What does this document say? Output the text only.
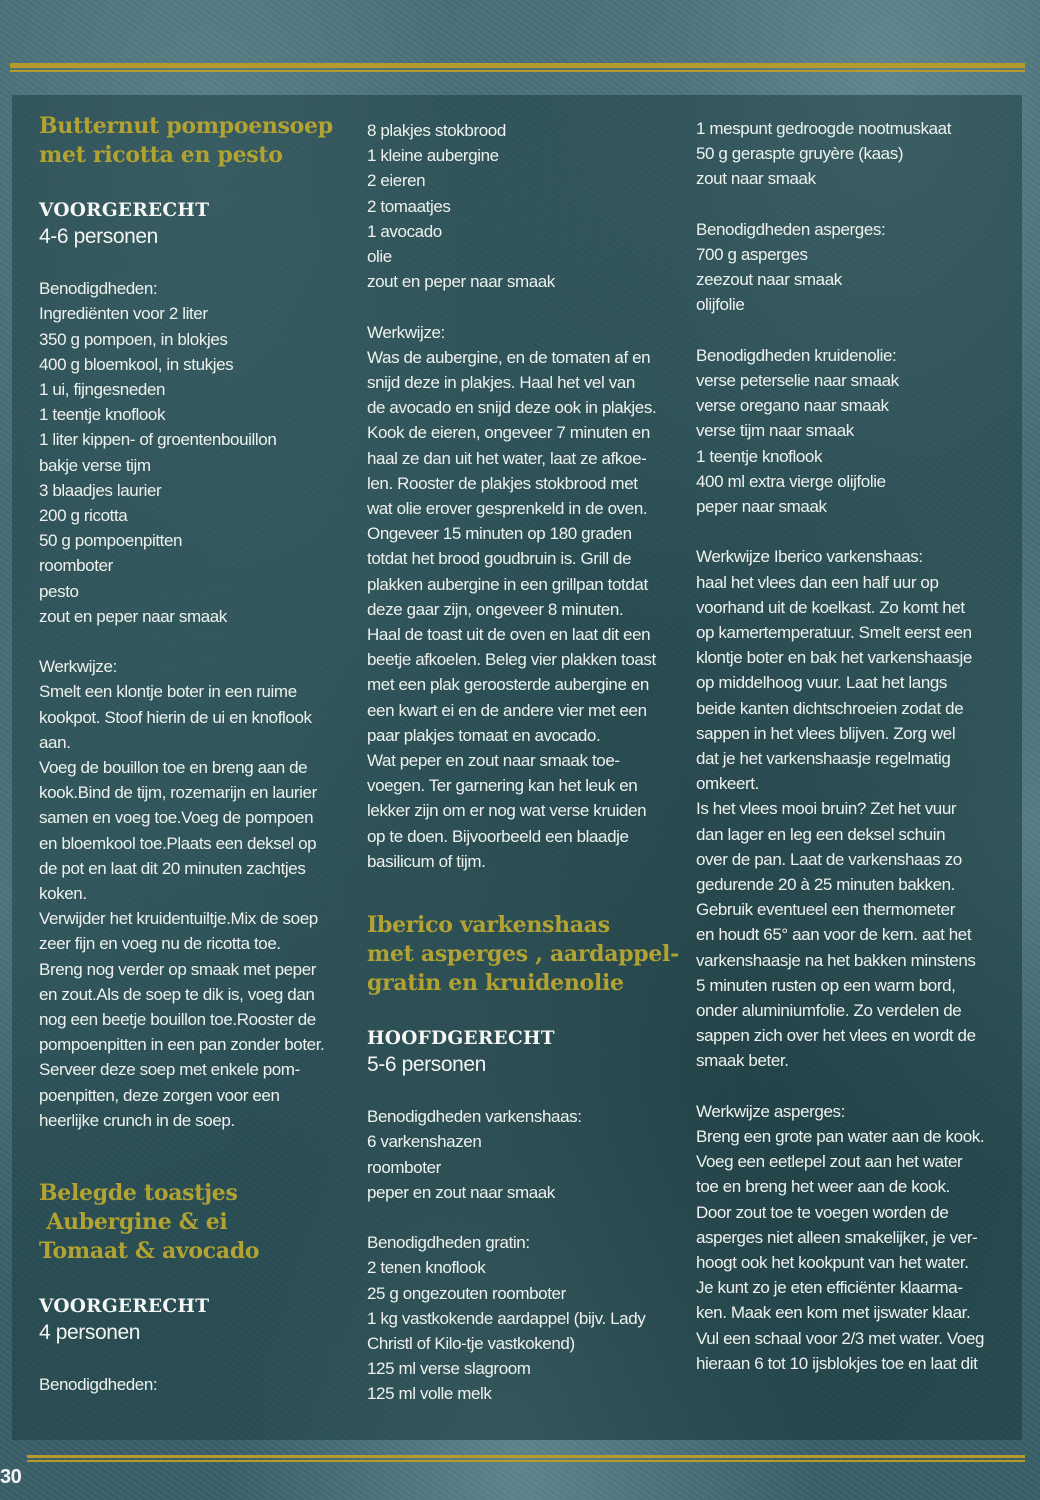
Butternut pompoensoep
met ricotta en pesto
VOORGERECHT
4-6 personen
Benodigdheden:
Ingrediënten voor 2 liter
350 g pompoen, in blokjes
400 g bloemkool, in stukjes
1 ui, fijngesneden
1 teentje knoflook
1 liter kippen- of groentenbouillon
bakje verse tijm
3 blaadjes laurier
200 g ricotta
50 g pompoenpitten
roomboter
pesto
zout en peper naar smaak
Werkwijze:
Smelt een klontje boter in een ruime
kookpot. Stoof hierin de ui en knoflook
aan.
Voeg de bouillon toe en breng aan de
kook.Bind de tijm, rozemarijn en laurier
samen en voeg toe.Voeg de pompoen
en bloemkool toe.Plaats een deksel op
de pot en laat dit 20 minuten zachtjes
koken.
Verwijder het kruidentuiltje.Mix de soep
zeer fijn en voeg nu de ricotta toe.
Breng nog verder op smaak met peper
en zout.Als de soep te dik is, voeg dan
nog een beetje bouillon toe.Rooster de
pompoenpitten in een pan zonder boter.
Serveer deze soep met enkele pom-
poenpitten, deze zorgen voor een
heerlijke crunch in de soep.
Belegde toastjes
Aubergine & ei
Tomaat & avocado
VOORGERECHT
4 personen
Benodigdheden:
8 plakjes stokbrood
1 kleine aubergine
2 eieren
2 tomaatjes
1 avocado
olie
zout en peper naar smaak
Werkwijze:
Was de aubergine, en de tomaten af en
snijd deze in plakjes. Haal het vel van
de avocado en snijd deze ook in plakjes.
Kook de eieren, ongeveer 7 minuten en
haal ze dan uit het water, laat ze afkoe-
len. Rooster de plakjes stokbrood met
wat olie erover gesprenkeld in de oven.
Ongeveer 15 minuten op 180 graden
totdat het brood goudbruin is. Grill de
plakken aubergine in een grillpan totdat
deze gaar zijn, ongeveer 8 minuten.
Haal de toast uit de oven en laat dit een
beetje afkoelen. Beleg vier plakken toast
met een plak geroosterde aubergine en
een kwart ei en de andere vier met een
paar plakjes tomaat en avocado.
Wat peper en zout naar smaak toe-
voegen. Ter garnering kan het leuk en
lekker zijn om er nog wat verse kruiden
op te doen. Bijvoorbeeld een blaadje
basilicum of tijm.
Iberico varkenshaas
met asperges , aardappel-
gratin en kruidenolie
HOOFDGERECHT
5-6 personen
Benodigdheden varkenshaas:
6 varkenshazen
roomboter
peper en zout naar smaak
Benodigdheden gratin:
2 tenen knoflook
25 g ongezouten roomboter
1 kg vastkokende aardappel (bijv. Lady
Christl of Kilo-tje vastkokend)
125 ml verse slagroom
125 ml volle melk
1 mespunt gedroogde nootmuskaat
50 g geraspte gruyère (kaas)
zout naar smaak
Benodigdheden asperges:
700 g asperges
zeezout naar smaak
olijfolie
Benodigdheden kruidenolie:
verse peterselie naar smaak
verse oregano naar smaak
verse tijm naar smaak
1 teentje knoflook
400 ml extra vierge olijfolie
peper naar smaak
Werkwijze Iberico varkenshaas:
haal het vlees dan een half uur op
voorhand uit de koelkast. Zo komt het
op kamertemperatuur. Smelt eerst een
klontje boter en bak het varkenshaasje
op middelhoog vuur. Laat het langs
beide kanten dichtschroeien zodat de
sappen in het vlees blijven. Zorg wel
dat je het varkenshaasje regelmatig
omkeert.
Is het vlees mooi bruin? Zet het vuur
dan lager en leg een deksel schuin
over de pan. Laat de varkenshaas zo
gedurende 20 à 25 minuten bakken.
Gebruik eventueel een thermometer
en houdt 65° aan voor de kern. aat het
varkenshaasje na het bakken minstens
5 minuten rusten op een warm bord,
onder aluminiumfolie. Zo verdelen de
sappen zich over het vlees en wordt de
smaak beter.
Werkwijze asperges:
Breng een grote pan water aan de kook.
Voeg een eetlepel zout aan het water
toe en breng het weer aan de kook.
Door zout toe te voegen worden de
asperges niet alleen smakelijker, je ver-
hoogt ook het kookpunt van het water.
Je kunt zo je eten efficiënter klaarma-
ken. Maak een kom met ijswater klaar.
Vul een schaal voor 2/3 met water. Voeg
hieraan 6 tot 10 ijsblokjes toe en laat dit
30
